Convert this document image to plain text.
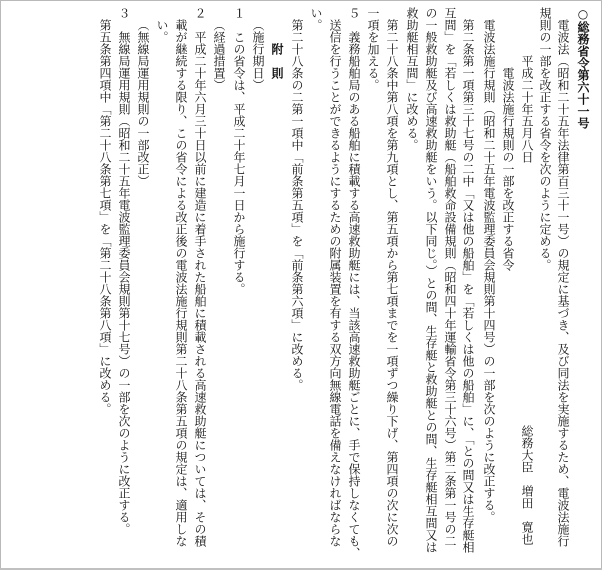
○総務省令第六十一号
電波法（昭和二十五年法律第百三十一号）の規定に基づき、及び同法を実施するため、電波法施行
規則の一部を改正する省令を次のように定める。
平成二十年五月八日
総務大臣　増田　寛也
電波法施行規則の一部を改正する省令
電波法施行規則（昭和二十五年電波監理委員会規則第十四号）の一部を次のように改正する。
第二条第一項第三十七号の二中「又は他の船舶」を「若しくは他の船舶」に、「との間又は生存艇相
互間」を「若しくは救助艇（船舶救命設備規則（昭和四十年運輸省令第三十六号）第二条第一号の二
の一般救助艇及び高速救助艇をいう。以下同じ。）との間、生存艇と救助艇との間、生存艇相互間又は
救助艇相互間」に改める。
第二十八条中第八項を第九項とし、第五項から第七項までを一項ずつ繰り下げ、第四項の次に次の
一項を加える。
５　義務船舶局のある船舶に積載する高速救助艇には、当該高速救助艇ごとに、手で保持しなくても、
送信を行うことができるようにするための附属装置を有する双方向無線電話を備えなければならな
い。
第二十八条の二第一項中「前条第五項」を「前条第六項」に改める。
附　則
（施行期日）
１　この省令は、平成二十年七月一日から施行する。
（経過措置）
２　平成二十年六月三十日以前に建造に着手された船舶に積載される高速救助艇については、その積
載が継続する限り、この省令による改正後の電波法施行規則第二十八条第五項の規定は、適用しな
い。
（無線局運用規則の一部改正）
３　無線局運用規則（昭和二十五年電波監理委員会規則第十七号）の一部を次のように改正する。
第五条第四項中「第二十八条第七項」を「第二十八条第八項」に改める。
